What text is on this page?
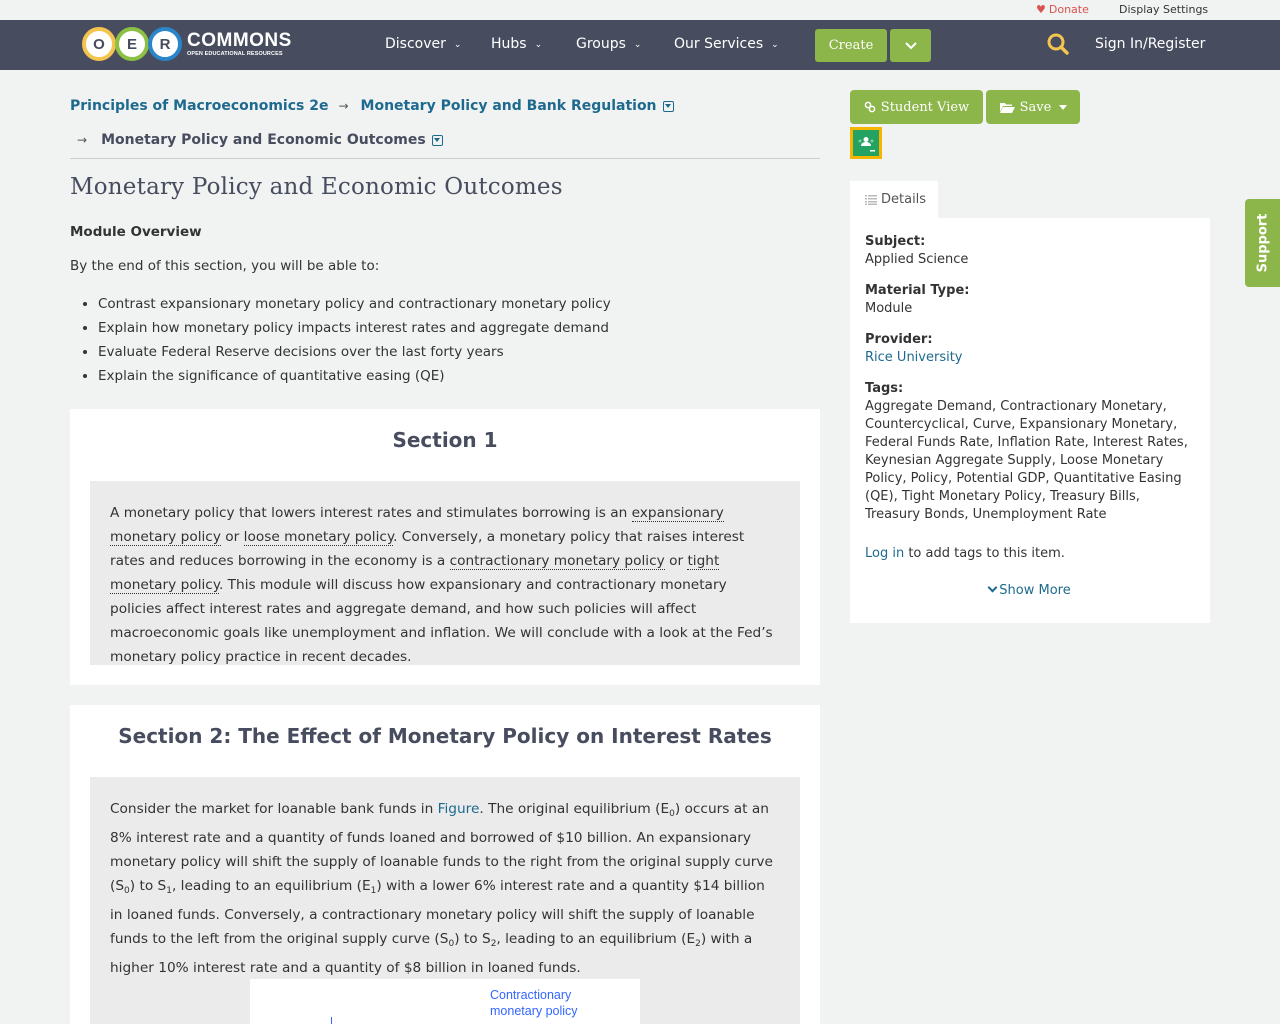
♥ Donate	Display Settings
O	E	R COMMONS
OPEN EDUCATIONAL RESOURCES
Discover ⌄ Hubs ⌄ Groups ⌄ Our Services ⌄	Create	Sign In/Register
Principles of Macroeconomics 2e → Monetary Policy and Bank Regulation
→ Monetary Policy and Economic Outcomes
Monetary Policy and Economic Outcomes
Module Overview

By the end of this section, you will be able to:

• Contrast expansionary monetary policy and contractionary monetary policy
• Explain how monetary policy impacts interest rates and aggregate demand
• Evaluate Federal Reserve decisions over the last forty years
• Explain the significance of quantitative easing (QE)
Section 1
A monetary policy that lowers interest rates and stimulates borrowing is an expansionary monetary policy or loose monetary policy. Conversely, a monetary policy that raises interest rates and reduces borrowing in the economy is a contractionary monetary policy or tight monetary policy. This module will discuss how expansionary and contractionary monetary policies affect interest rates and aggregate demand, and how such policies will affect macroeconomic goals like unemployment and inflation. We will conclude with a look at the Fed’s monetary policy practice in recent decades.
Section 2: The Effect of Monetary Policy on Interest Rates
Consider the market for loanable bank funds in Figure. The original equilibrium $(E_0)$ occurs at an 8% interest rate and a quantity of funds loaned and borrowed of $10 billion. An expansionary monetary policy will shift the supply of loanable funds to the right from the original supply curve $(S_0)$ to $S_1$, leading to an equilibrium $(E_1)$ with a lower 6% interest rate and a quantity $14 billion in loaned funds. Conversely, a contractionary monetary policy will shift the supply of loanable funds to the left from the original supply curve $(S_0)$ to $S_2$, leading to an equilibrium $(E_2)$ with a higher 10% interest rate and a quantity of $8 billion in loaned funds.
Contractionary monetary policy
Student View	Save
Details
Subject:
Applied Science
Material Type:
Module
Provider:
Rice University
Tags:
Aggregate Demand, Contractionary Monetary, Countercyclical, Curve, Expansionary Monetary, Federal Funds Rate, Inflation Rate, Interest Rates, Keynesian Aggregate Supply, Loose Monetary Policy, Policy, Potential GDP, Quantitative Easing (QE), Tight Monetary Policy, Treasury Bills, Treasury Bonds, Unemployment Rate
Log in to add tags to this item.
Show More
Support
